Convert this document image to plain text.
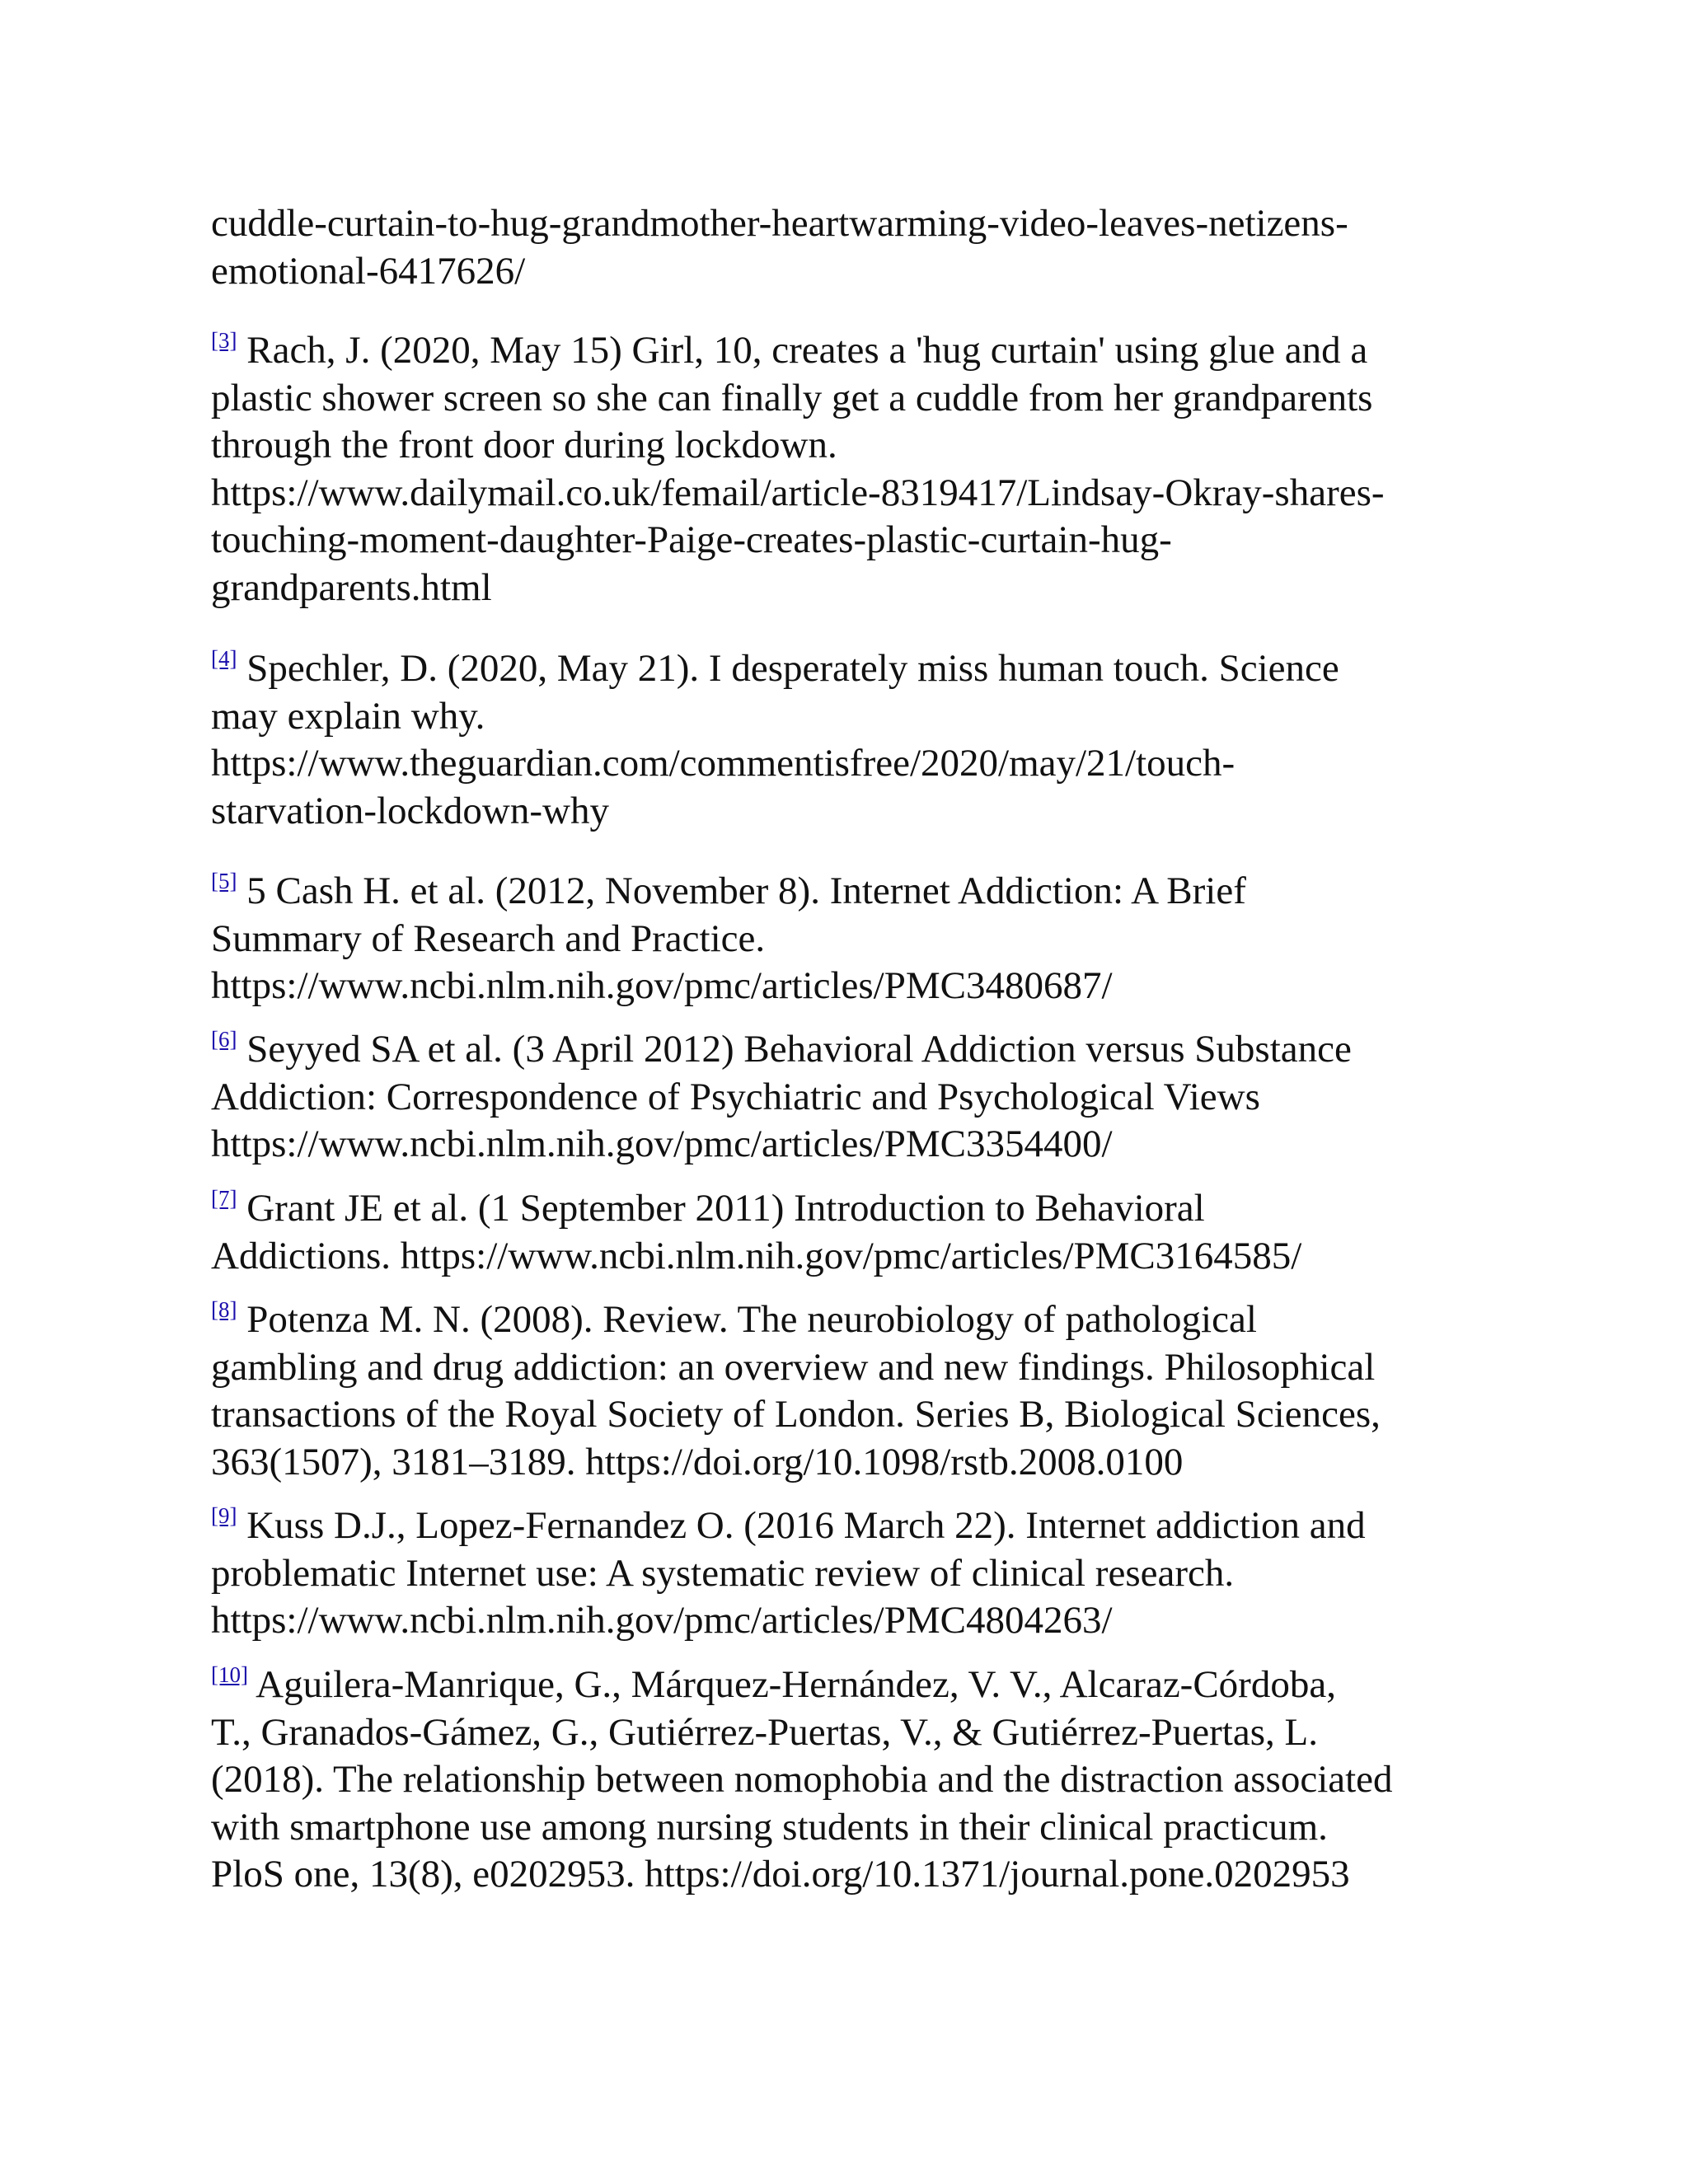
cuddle-curtain-to-hug-grandmother-heartwarming-video-leaves-netizens-
emotional-6417626/
[3] Rach, J. (2020, May 15) Girl, 10, creates a 'hug curtain' using glue and a
plastic shower screen so she can finally get a cuddle from her grandparents
through the front door during lockdown.
https://www.dailymail.co.uk/femail/article-8319417/Lindsay-Okray-shares-
touching-moment-daughter-Paige-creates-plastic-curtain-hug-
grandparents.html
[4] Spechler, D. (2020, May 21). I desperately miss human touch. Science
may explain why.
https://www.theguardian.com/commentisfree/2020/may/21/touch-
starvation-lockdown-why
[5] 5 Cash H. et al. (2012, November 8). Internet Addiction: A Brief
Summary of Research and Practice.
https://www.ncbi.nlm.nih.gov/pmc/articles/PMC3480687/
[6] Seyyed SA et al. (3 April 2012) Behavioral Addiction versus Substance
Addiction: Correspondence of Psychiatric and Psychological Views
https://www.ncbi.nlm.nih.gov/pmc/articles/PMC3354400/
[7] Grant JE et al. (1 September 2011) Introduction to Behavioral
Addictions. https://www.ncbi.nlm.nih.gov/pmc/articles/PMC3164585/
[8] Potenza M. N. (2008). Review. The neurobiology of pathological
gambling and drug addiction: an overview and new findings. Philosophical
transactions of the Royal Society of London. Series B, Biological Sciences,
363(1507), 3181–3189. https://doi.org/10.1098/rstb.2008.0100
[9] Kuss D.J., Lopez-Fernandez O. (2016 March 22). Internet addiction and
problematic Internet use: A systematic review of clinical research.
https://www.ncbi.nlm.nih.gov/pmc/articles/PMC4804263/
[10] Aguilera-Manrique, G., Márquez-Hernández, V. V., Alcaraz-Córdoba,
T., Granados-Gámez, G., Gutiérrez-Puertas, V., & Gutiérrez-Puertas, L.
(2018). The relationship between nomophobia and the distraction associated
with smartphone use among nursing students in their clinical practicum.
PloS one, 13(8), e0202953. https://doi.org/10.1371/journal.pone.0202953
